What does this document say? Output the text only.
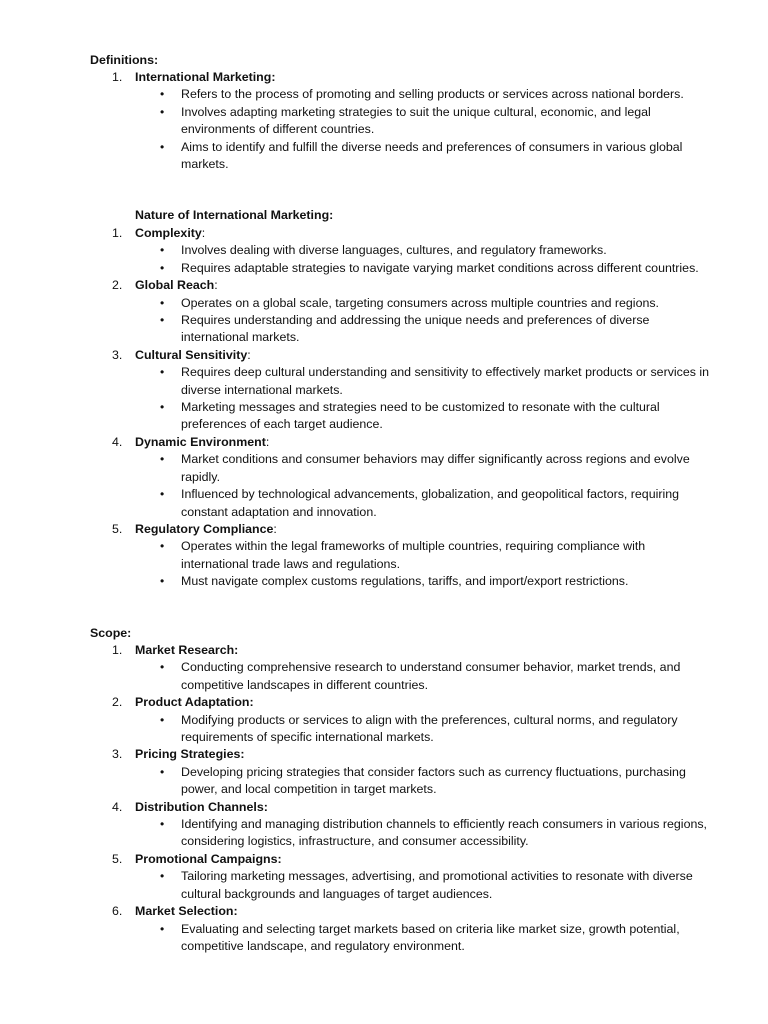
Definitions:
1.	International Marketing:
• Refers to the process of promoting and selling products or services across national borders.
• Involves adapting marketing strategies to suit the unique cultural, economic, and legal environments of different countries.
• Aims to identify and fulfill the diverse needs and preferences of consumers in various global markets.
Nature of International Marketing:
1.	Complexity:
• Involves dealing with diverse languages, cultures, and regulatory frameworks.
• Requires adaptable strategies to navigate varying market conditions across different countries.
2.	Global Reach:
• Operates on a global scale, targeting consumers across multiple countries and regions.
• Requires understanding and addressing the unique needs and preferences of diverse international markets.
3.	Cultural Sensitivity:
• Requires deep cultural understanding and sensitivity to effectively market products or services in diverse international markets.
• Marketing messages and strategies need to be customized to resonate with the cultural preferences of each target audience.
4.	Dynamic Environment:
• Market conditions and consumer behaviors may differ significantly across regions and evolve rapidly.
• Influenced by technological advancements, globalization, and geopolitical factors, requiring constant adaptation and innovation.
5.	Regulatory Compliance:
• Operates within the legal frameworks of multiple countries, requiring compliance with international trade laws and regulations.
• Must navigate complex customs regulations, tariffs, and import/export restrictions.
Scope:
1.	Market Research:
• Conducting comprehensive research to understand consumer behavior, market trends, and competitive landscapes in different countries.
2.	Product Adaptation:
• Modifying products or services to align with the preferences, cultural norms, and regulatory requirements of specific international markets.
3.	Pricing Strategies:
• Developing pricing strategies that consider factors such as currency fluctuations, purchasing power, and local competition in target markets.
4.	Distribution Channels:
• Identifying and managing distribution channels to efficiently reach consumers in various regions, considering logistics, infrastructure, and consumer accessibility.
5.	Promotional Campaigns:
• Tailoring marketing messages, advertising, and promotional activities to resonate with diverse cultural backgrounds and languages of target audiences.
6.	Market Selection:
• Evaluating and selecting target markets based on criteria like market size, growth potential, competitive landscape, and regulatory environment.
